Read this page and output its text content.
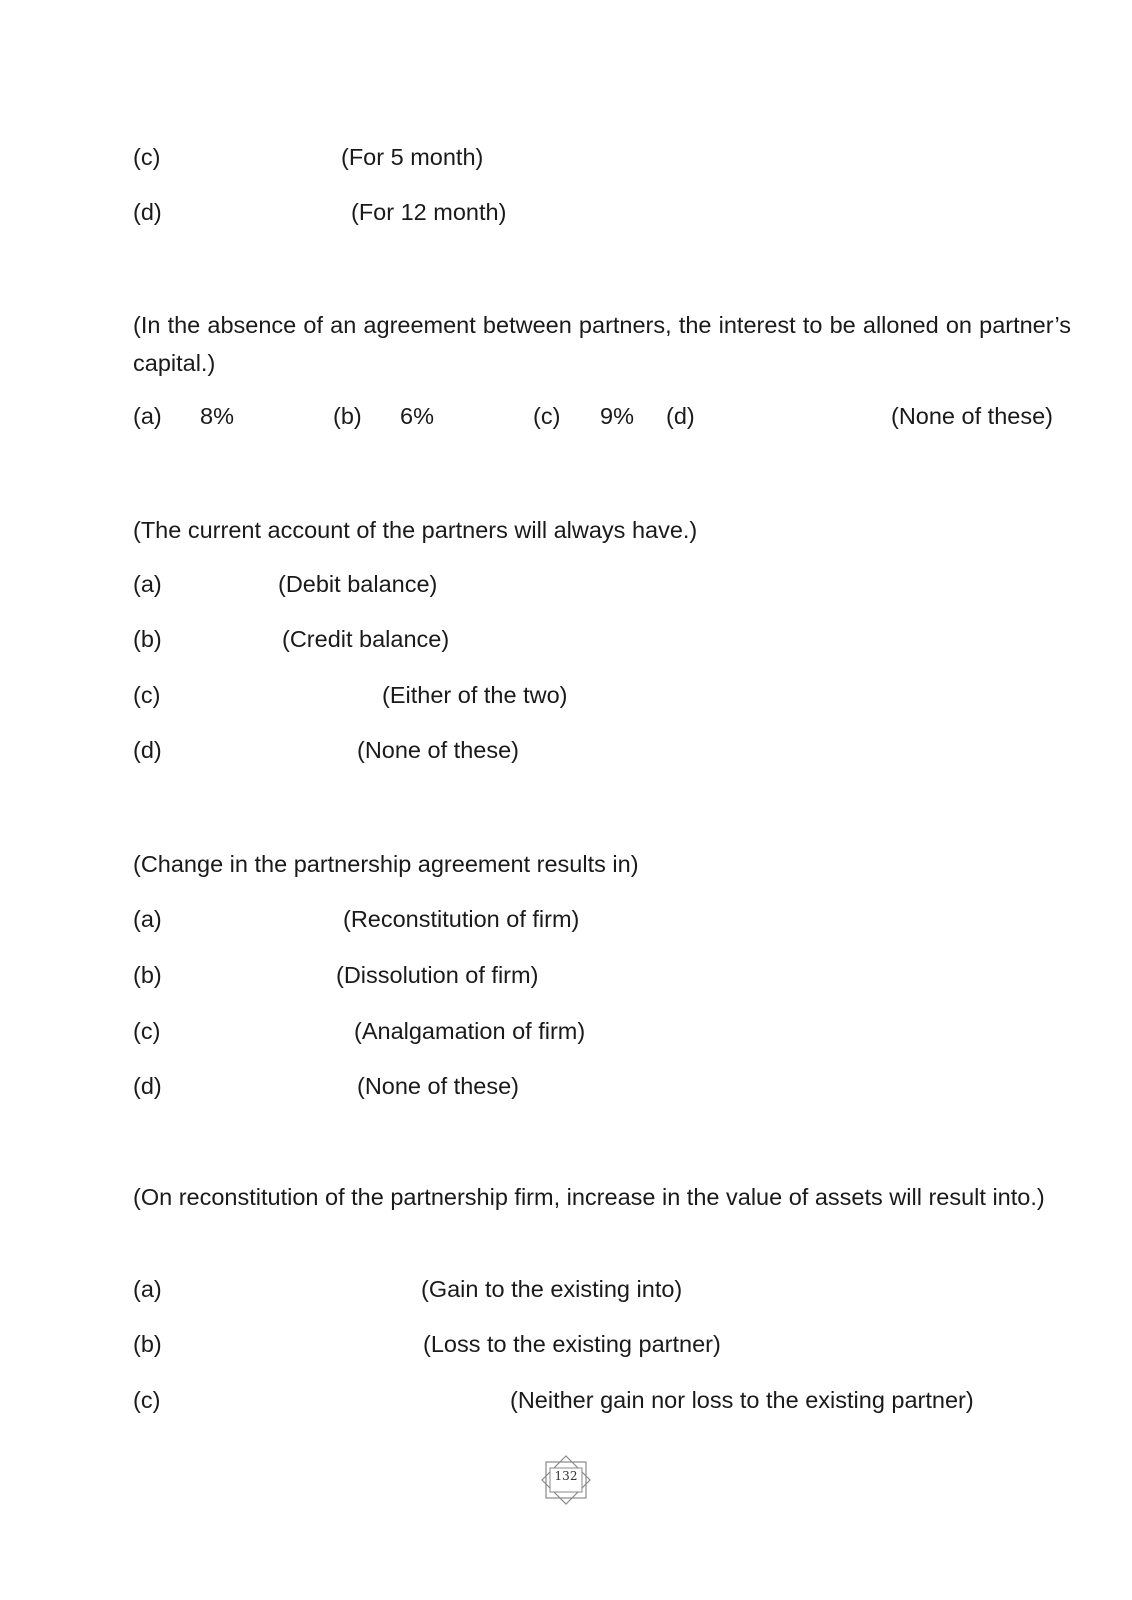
(c)	(For 5 month)
(d)	(For 12 month)
(In the absence of an agreement between partners, the interest to be alloned on partner’s capital.)
(a) 8%	(b) 6%	(c) 9% (d)	(None of these)
(The current account of the partners will always have.)
(a)	(Debit balance)
(b)	(Credit balance)
(c)	(Either of the two)
(d)	(None of these)
(Change in the partnership agreement results in)
(a)	(Reconstitution of firm)
(b)	(Dissolution of firm)
(c)	(Analgamation of firm)
(d)	(None of these)
(On reconstitution of the partnership firm, increase in the value of assets will result into.)
(a)	(Gain to the existing into)
(b)	(Loss to the existing partner)
(c)	(Neither gain nor loss to the existing partner)
132
